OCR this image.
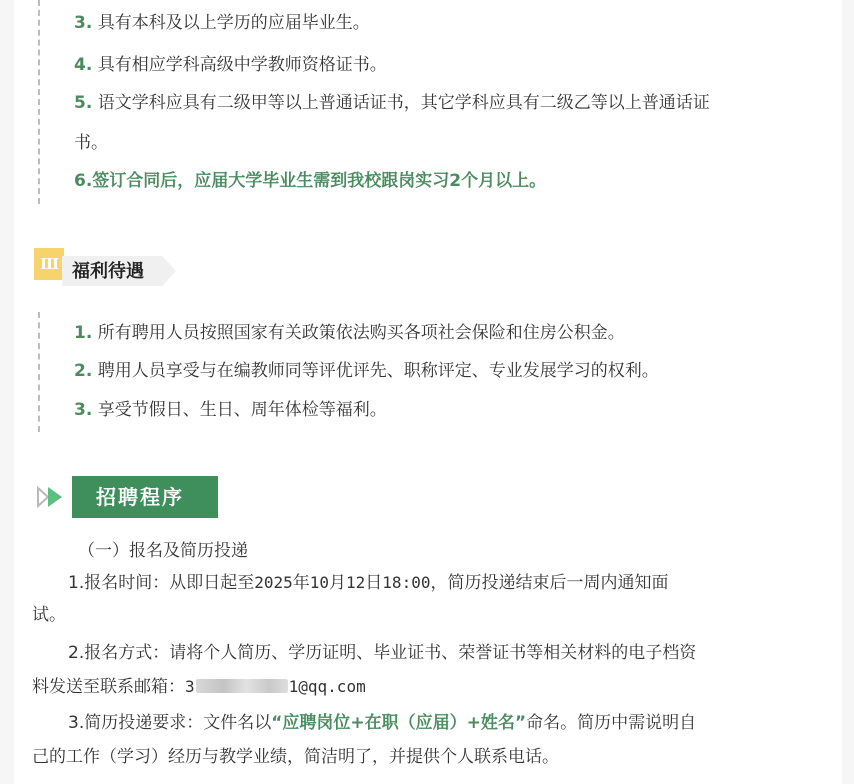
3. 具有本科及以上学历的应届毕业生。
4. 具有相应学科高级中学教师资格证书。
5. 语文学科应具有二级甲等以上普通话证书，其它学科应具有二级乙等以上普通话证
书。
6.签订合同后，应届大学毕业生需到我校跟岗实习2个月以上。
III 福利待遇
1. 所有聘用人员按照国家有关政策依法购买各项社会保险和住房公积金。
2. 聘用人员享受与在编教师同等评优评先、职称评定、专业发展学习的权利。
3. 享受节假日、生日、周年体检等福利。
招聘程序
（一）报名及简历投递
1.报名时间：从即日起至2025年10月12日18:00，简历投递结束后一周内通知面
试。
2.报名方式：请将个人简历、学历证明、毕业证书、荣誉证书等相关材料的电子档资
料发送至联系邮箱：3	1@qq.com
3.简历投递要求：文件名以“应聘岗位+在职（应届）+姓名”命名。简历中需说明自
己的工作（学习）经历与教学业绩，简洁明了，并提供个人联系电话。
